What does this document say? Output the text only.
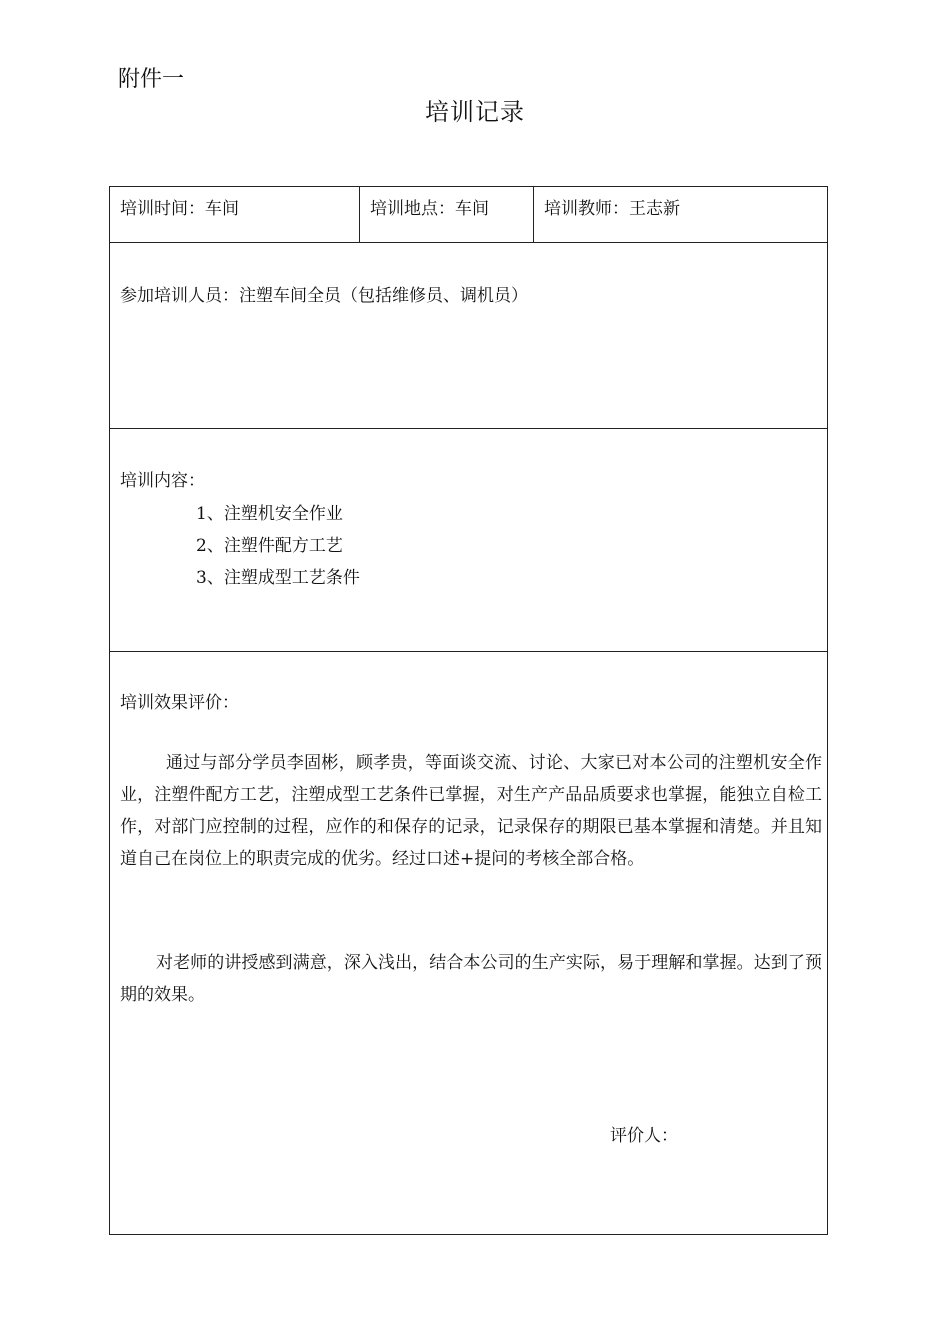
附件一
培训记录
培训时间：车间	培训地点：车间	培训教师：王志新
参加培训人员：注塑车间全员（包括维修员、调机员）
培训内容：
1、注塑机安全作业
2、注塑件配方工艺
3、注塑成型工艺条件
培训效果评价：

通过与部分学员李固彬，顾孝贵，等面谈交流、讨论、大家已对本公司的注塑机安全作业，注塑件配方工艺，注塑成型工艺条件已掌握，对生产产品品质要求也掌握，能独立自检工作，对部门应控制的过程，应作的和保存的记录，记录保存的期限已基本掌握和清楚。并且知道自己在岗位上的职责完成的优劣。经过口述+提问的考核全部合格。

对老师的讲授感到满意，深入浅出，结合本公司的生产实际，易于理解和掌握。达到了预期的效果。

评价人：
